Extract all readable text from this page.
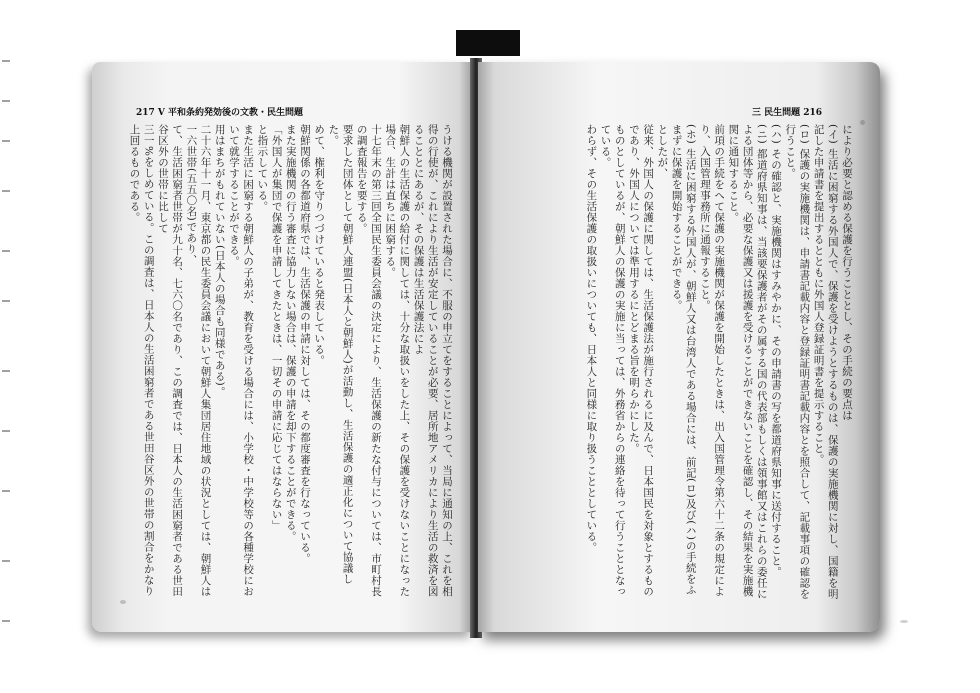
217 Ⅴ 平和条約発効後の文教・民生問題

うける機関が設置された場合に、不服の申立てをすることによって、当局に通知の上、これを相

得の行使が、これにより生活が安定していることが必要、居所地アメリカにより生活の救済を図ることとにあるが、その保護は生活保護法によ

朝鮮人の生活保護の給付に関しては、十分な取扱いをした上、その保護を受けないことになった場合、生計は直ちに困窮する。

十七年末の第三回全国民生委員会議の決定により、生活保護の新たな付与については、市町村長の調査報告を要する。

要求した団体として朝鮮人連盟(日本人と朝鮮人)が活動し、生活保護の適正化について協議した。

めて、権利を守りつづけていると発表している。

朝鮮関係の各都道府県では、生活保護の申請に対しては、その都度審査を行なっている。

また実施機関の行う審査に協力しない場合は、保護の申請を却下することができる。

「外国人が集団で保護を申請してきたときは、一切その申請に応じてはならない」

と指示している。

また生活に困窮する朝鮮人の子弟が、教育を受ける場合には、小学校・中学校等の各種学校において就学することができる。

用はまちがもれていない(日本人の場合も同様である)。

二十六年十一月、東京都の民生委員会議において朝鮮人集団居住地域の状況としては、朝鮮人は一六世帯(五五〇名)であり、

て、生活困窮者世帯が九十名、七六〇名であり、この調査では、日本人の生活困窮者である世田谷区外の世帯に比して

三一%をしめている。この調査は、日本人の生活困窮者である世田谷区外の世帯の割合をかなり上回るものである。

三 民生問題 216

により必要と認める保護を行うこととし、その手続の要点は

(イ) 生活に困窮する外国人で、保護を受けようとするものは、保護の実施機関に対し、国籍を明記した申請書を提出するとともに外国人登録証明書を提示すること。

(ロ) 保護の実施機関は、申請書記載内容と登録証明書記載内容とを照合して、記載事項の確認を行うこと。

(ハ) その確認と、実施機関はすみやかに、その申請書の写を都道府県知事に送付すること。

(ニ) 都道府県知事は、当該要保護者がその属する国の代表部もしくは領事館又はこれらの委任による団体等から、必要な保護又は援護を受けることができないことを確認し、その結果を実施機関に通知すること。

前項の手続をへて保護の実施機関が保護を開始したときは、出入国管理令第六十二条の規定により、入国管理事務所に通報すること。

(ホ) 生活に困窮する外国人が、朝鮮人又は台湾人である場合には、前記(ロ)及び(ハ)の手続をふまずに保護を開始することができる。

としたが、

従来、外国人の保護に関しては、生活保護法が施行されるに及んで、日本国民を対象とするものであり、外国人については準用するにとどまる旨を明らかにした。

ものとしているが、朝鮮人の保護の実施に当っては、外務省からの連絡を待って行うこととなっている。

わらず、その生活保護の取扱いについても、日本人と同様に取り扱うこととしている。
